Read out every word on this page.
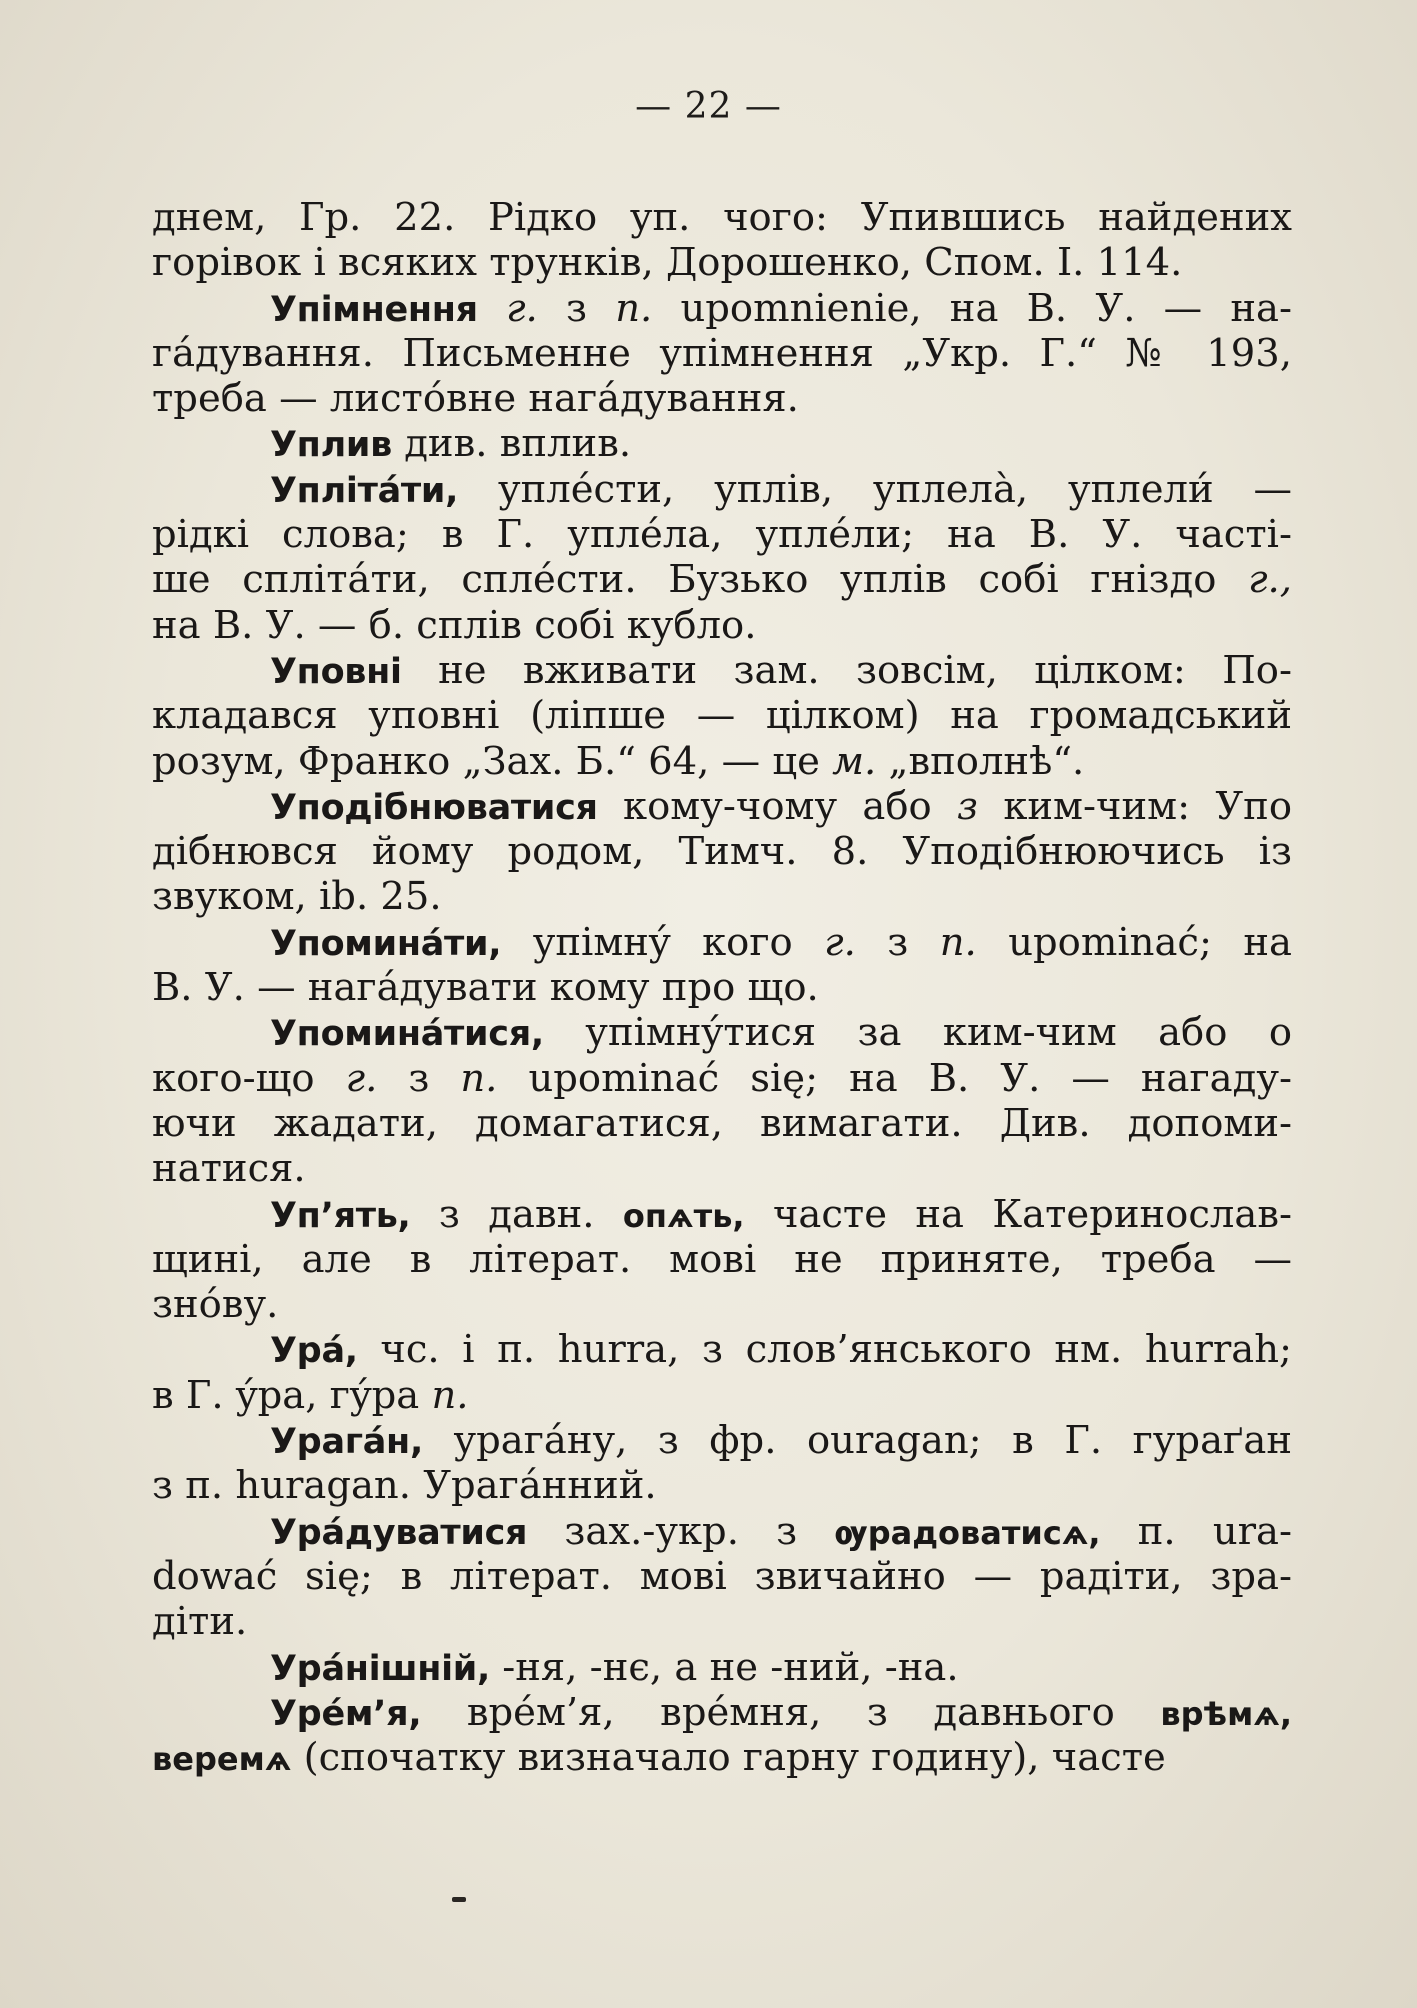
— 22 —
днем, Гр. 22. Рідко уп. чого: Упившись найдених
горівок і всяких трунків, Дорошенко, Спом. І. 114.
Упімнення г. з п. upomnienie, на В. У. — на-
гáдування. Письменне упімнення „Укр. Г.“ № 193,
треба — листóвне нагáдування.
Уплив див. вплив.
Уплітáти, уплéсти, уплів, уплелà, уплели́ —
рідкі слова; в Г. уплéла, уплéли; на В. У. часті-
ше сплітáти, сплéсти. Бузько уплів собі гніздо г.,
на В. У. — б. сплів собі кубло.
Уповні не вживати зам. зовсім, цілком: По-
кладався уповні (ліпше — цілком) на громадський
розум, Франко „Зах. Б.“ 64, — це м. „вполнѣ“.
Уподібнюватися кому-чому або з ким-чим: Упо
дібнювся йому родом, Тимч. 8. Уподібнюючись із
звуком, ib. 25.
Упоминáти, упімнý кого г. з п. upominać; на
В. У. — нагáдувати кому про що.
Упоминáтися, упімнýтися за ким-чим або о
кого-що г. з п. upominać się; на В. У. — нагаду-
ючи жадати, домагатися, вимагати. Див. допоми-
натися.
Уп’ять, з давн. опѧть, часте на Катеринослав-
щині, але в літерат. мові не приняте, треба —
знóву.
Урá, чс. і п. hurra, з слов’янського нм. hurrah;
в Г. ýра, гýра п.
Урагáн, урагáну, з фр. ouragan; в Г. гураґан
з п. huragan. Урагáнний.
Урáдуватися зах.-укр. з ѹрадоватисѧ, п. ura-
dować się; в літерат. мові звичайно — радіти, зра-
діти.
Урáнішній, -ня, -нє, а не -ний, -на.
Урéм’я, врéм’я, врéмня, з давнього врѣмѧ,
веремѧ (спочатку визначало гарну годину), часте
